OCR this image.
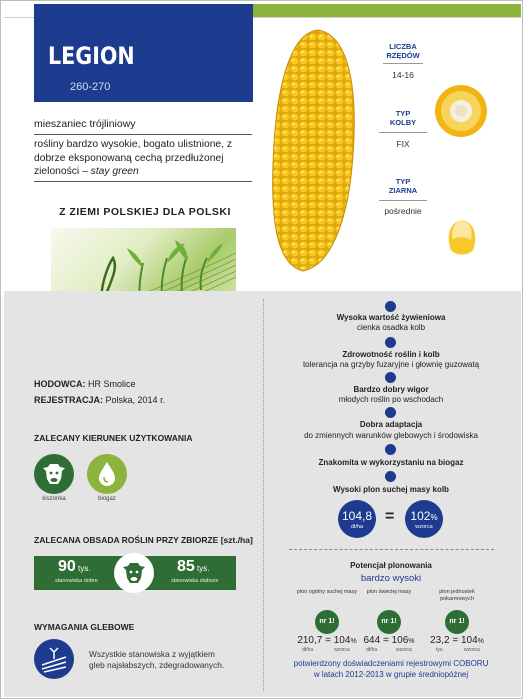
LEGION
260-270
mieszaniec trójliniowy
rośliny bardzo wysokie, bogato ulistnione, z dobrze eksponowaną cechą przedłużonej zieloności – stay green
Z ZIEMI POLSKIEJ DLA POLSKI
LICZBA RZĘDÓW
14-16
TYP KOLBY
FIX
TYP ZIARNA
pośrednie
HODOWCA: HR Smolice
REJESTRACJA: Polska, 2014 r.
ZALECANY KIERUNEK UŻYTKOWANIA
kiszonka	biogaz
ZALECANA OBSADA ROŚLIN PRZY ZBIORZE [szt./ha]
90 tys.
stanowiska dobre
85 tys.
stanowiska słabsze
WYMAGANIA GLEBOWE
Wszystkie stanowiska z wyjątkiem
gleb najsłabszych, zdegradowanych.
Wysoka wartość żywieniowa
cienka osadka kolb
Zdrowotność roślin i kolb
tolerancja na grzyby fuzaryjne i głownię guzowatą
Bardzo dobry wigor
młodych roślin po wschodach
Dobra adaptacja
do zmiennych warunków glebowych i środowiska
Znakomita w wykorzystaniu na biogaz
Wysoki plon suchej masy kolb
104,8
dt/ha
=	102%
wzorca
Potencjał plonowania
bardzo wysoki
plon ogólny suchej masy
nr 1!
210,7 = 104%
dt/ha	wzorca
plon świeżej masy
nr 1!
644 = 106%
dt/ha	wzorca
plon jednostek pokarmowych
nr 1!
23,2 = 104%
tys.	wzorca
potwierdzony doświadczeniami rejestrowymi COBORU
w latach 2012-2013 w grupie średniopóźnej
